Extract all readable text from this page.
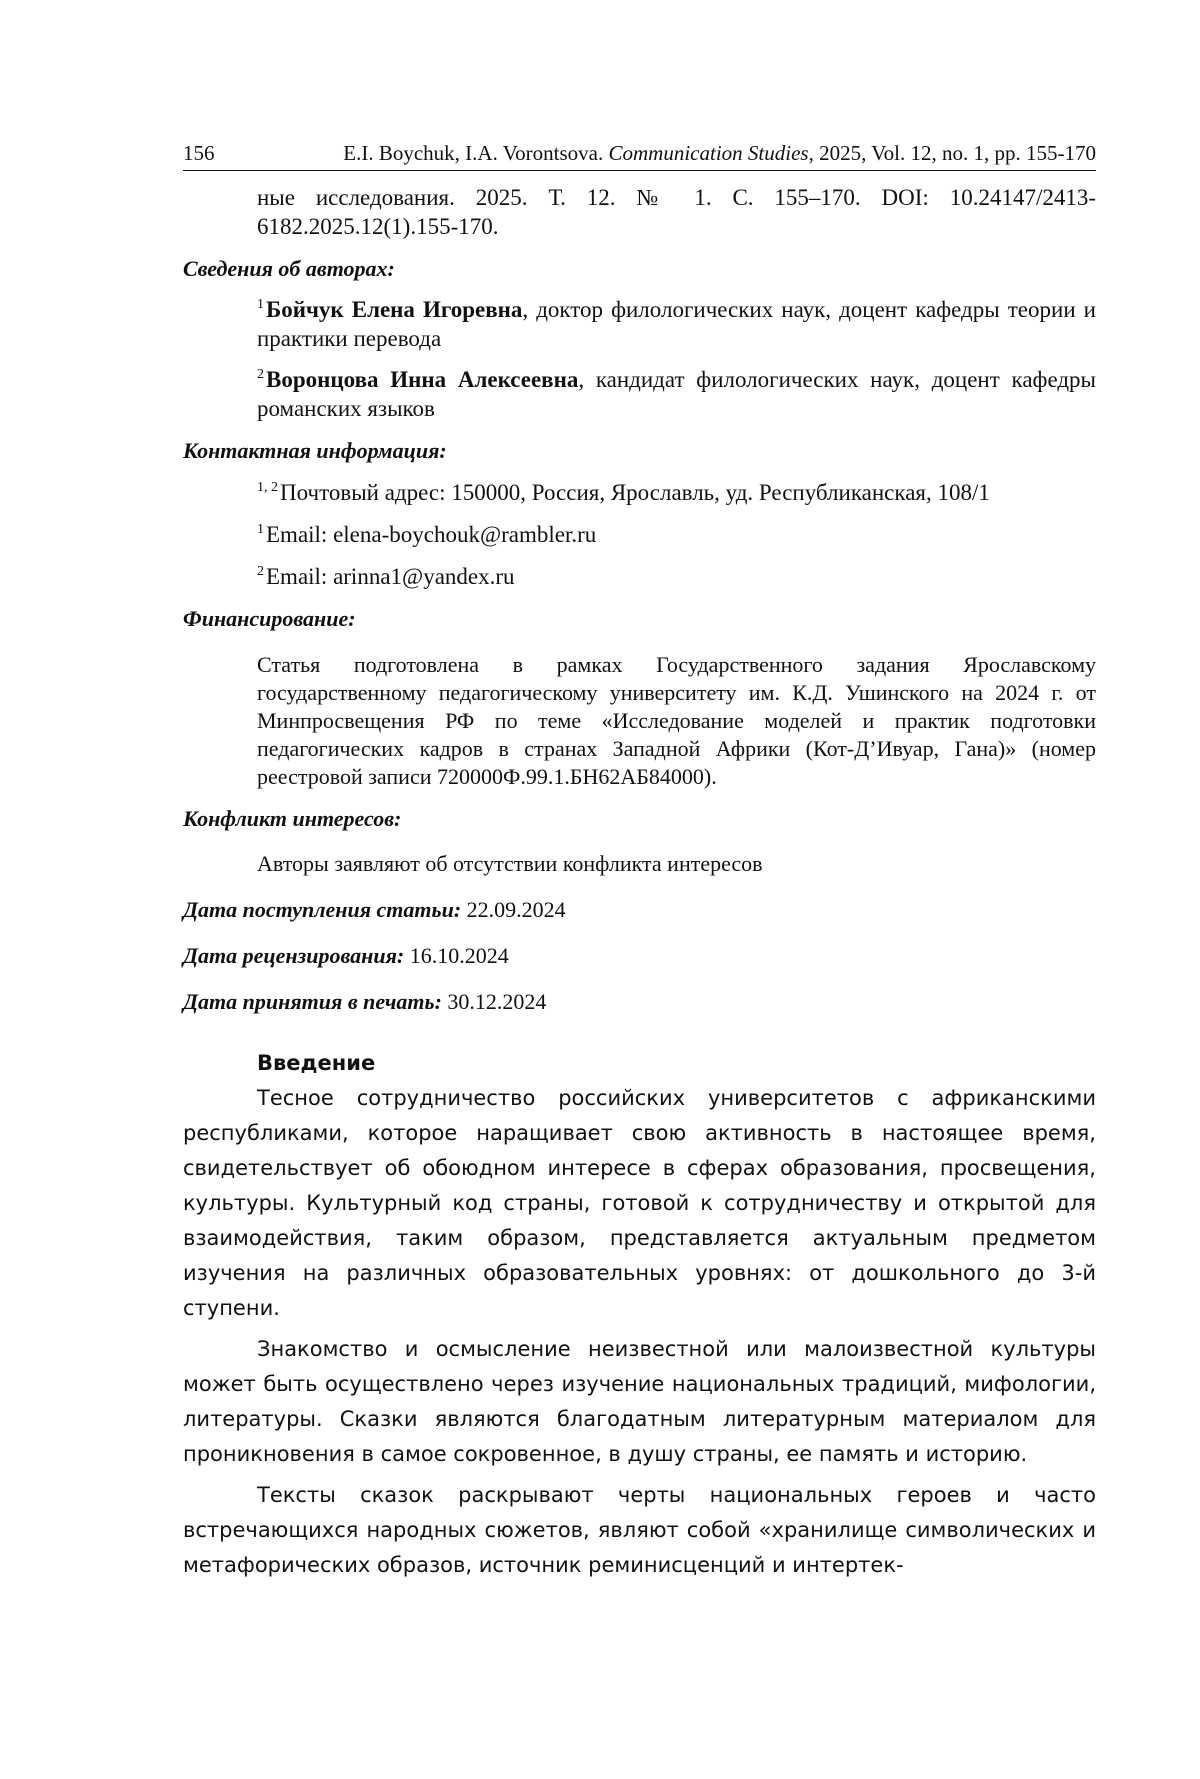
156	E.I. Boychuk, I.A. Vorontsova. Communication Studies, 2025, Vol. 12, no. 1, pp. 155-170
ные исследования. 2025. Т. 12. № 1. С. 155–170. DOI: 10.24147/2413-6182.2025.12(1).155-170.
Сведения об авторах:
$^1$Бойчук Елена Игоревна, доктор филологических наук, доцент кафедры теории и практики перевода
$^2$Воронцова Инна Алексеевна, кандидат филологических наук, доцент кафедры романских языков
Контактная информация:
$^{1, 2}$Почтовый адрес: 150000, Россия, Ярославль, уд. Республиканская, 108/1
$^1$Email: elena-boychouk@rambler.ru
$^2$Email: arinna1@yandex.ru
Финансирование:
Статья подготовлена в рамках Государственного задания Ярославскому государственному педагогическому университету им. К.Д. Ушинского на 2024 г. от Минпросвещения РФ по теме «Исследование моделей и практик подготовки педагогических кадров в странах Западной Африки (Кот-Д’Ивуар, Гана)» (номер реестровой записи 720000Ф.99.1.БН62АБ84000).
Конфликт интересов:
Авторы заявляют об отсутствии конфликта интересов
Дата поступления статьи: 22.09.2024
Дата рецензирования: 16.10.2024
Дата принятия в печать: 30.12.2024
Введение

Тесное сотрудничество российских университетов с африканскими республиками, которое наращивает свою активность в настоящее время, свидетельствует об обоюдном интересе в сферах образования, просвещения, культуры. Культурный код страны, готовой к сотрудничеству и открытой для взаимодействия, таким образом, представляется актуальным предметом изучения на различных образовательных уровнях: от дошкольного до 3-й ступени.

Знакомство и осмысление неизвестной или малоизвестной культуры может быть осуществлено через изучение национальных традиций, мифологии, литературы. Сказки являются благодатным литературным материалом для проникновения в самое сокровенное, в душу страны, ее память и историю.

Тексты сказок раскрывают черты национальных героев и часто встречающихся народных сюжетов, являют собой «хранилище символических и метафорических образов, источник реминисценций и интертек-
